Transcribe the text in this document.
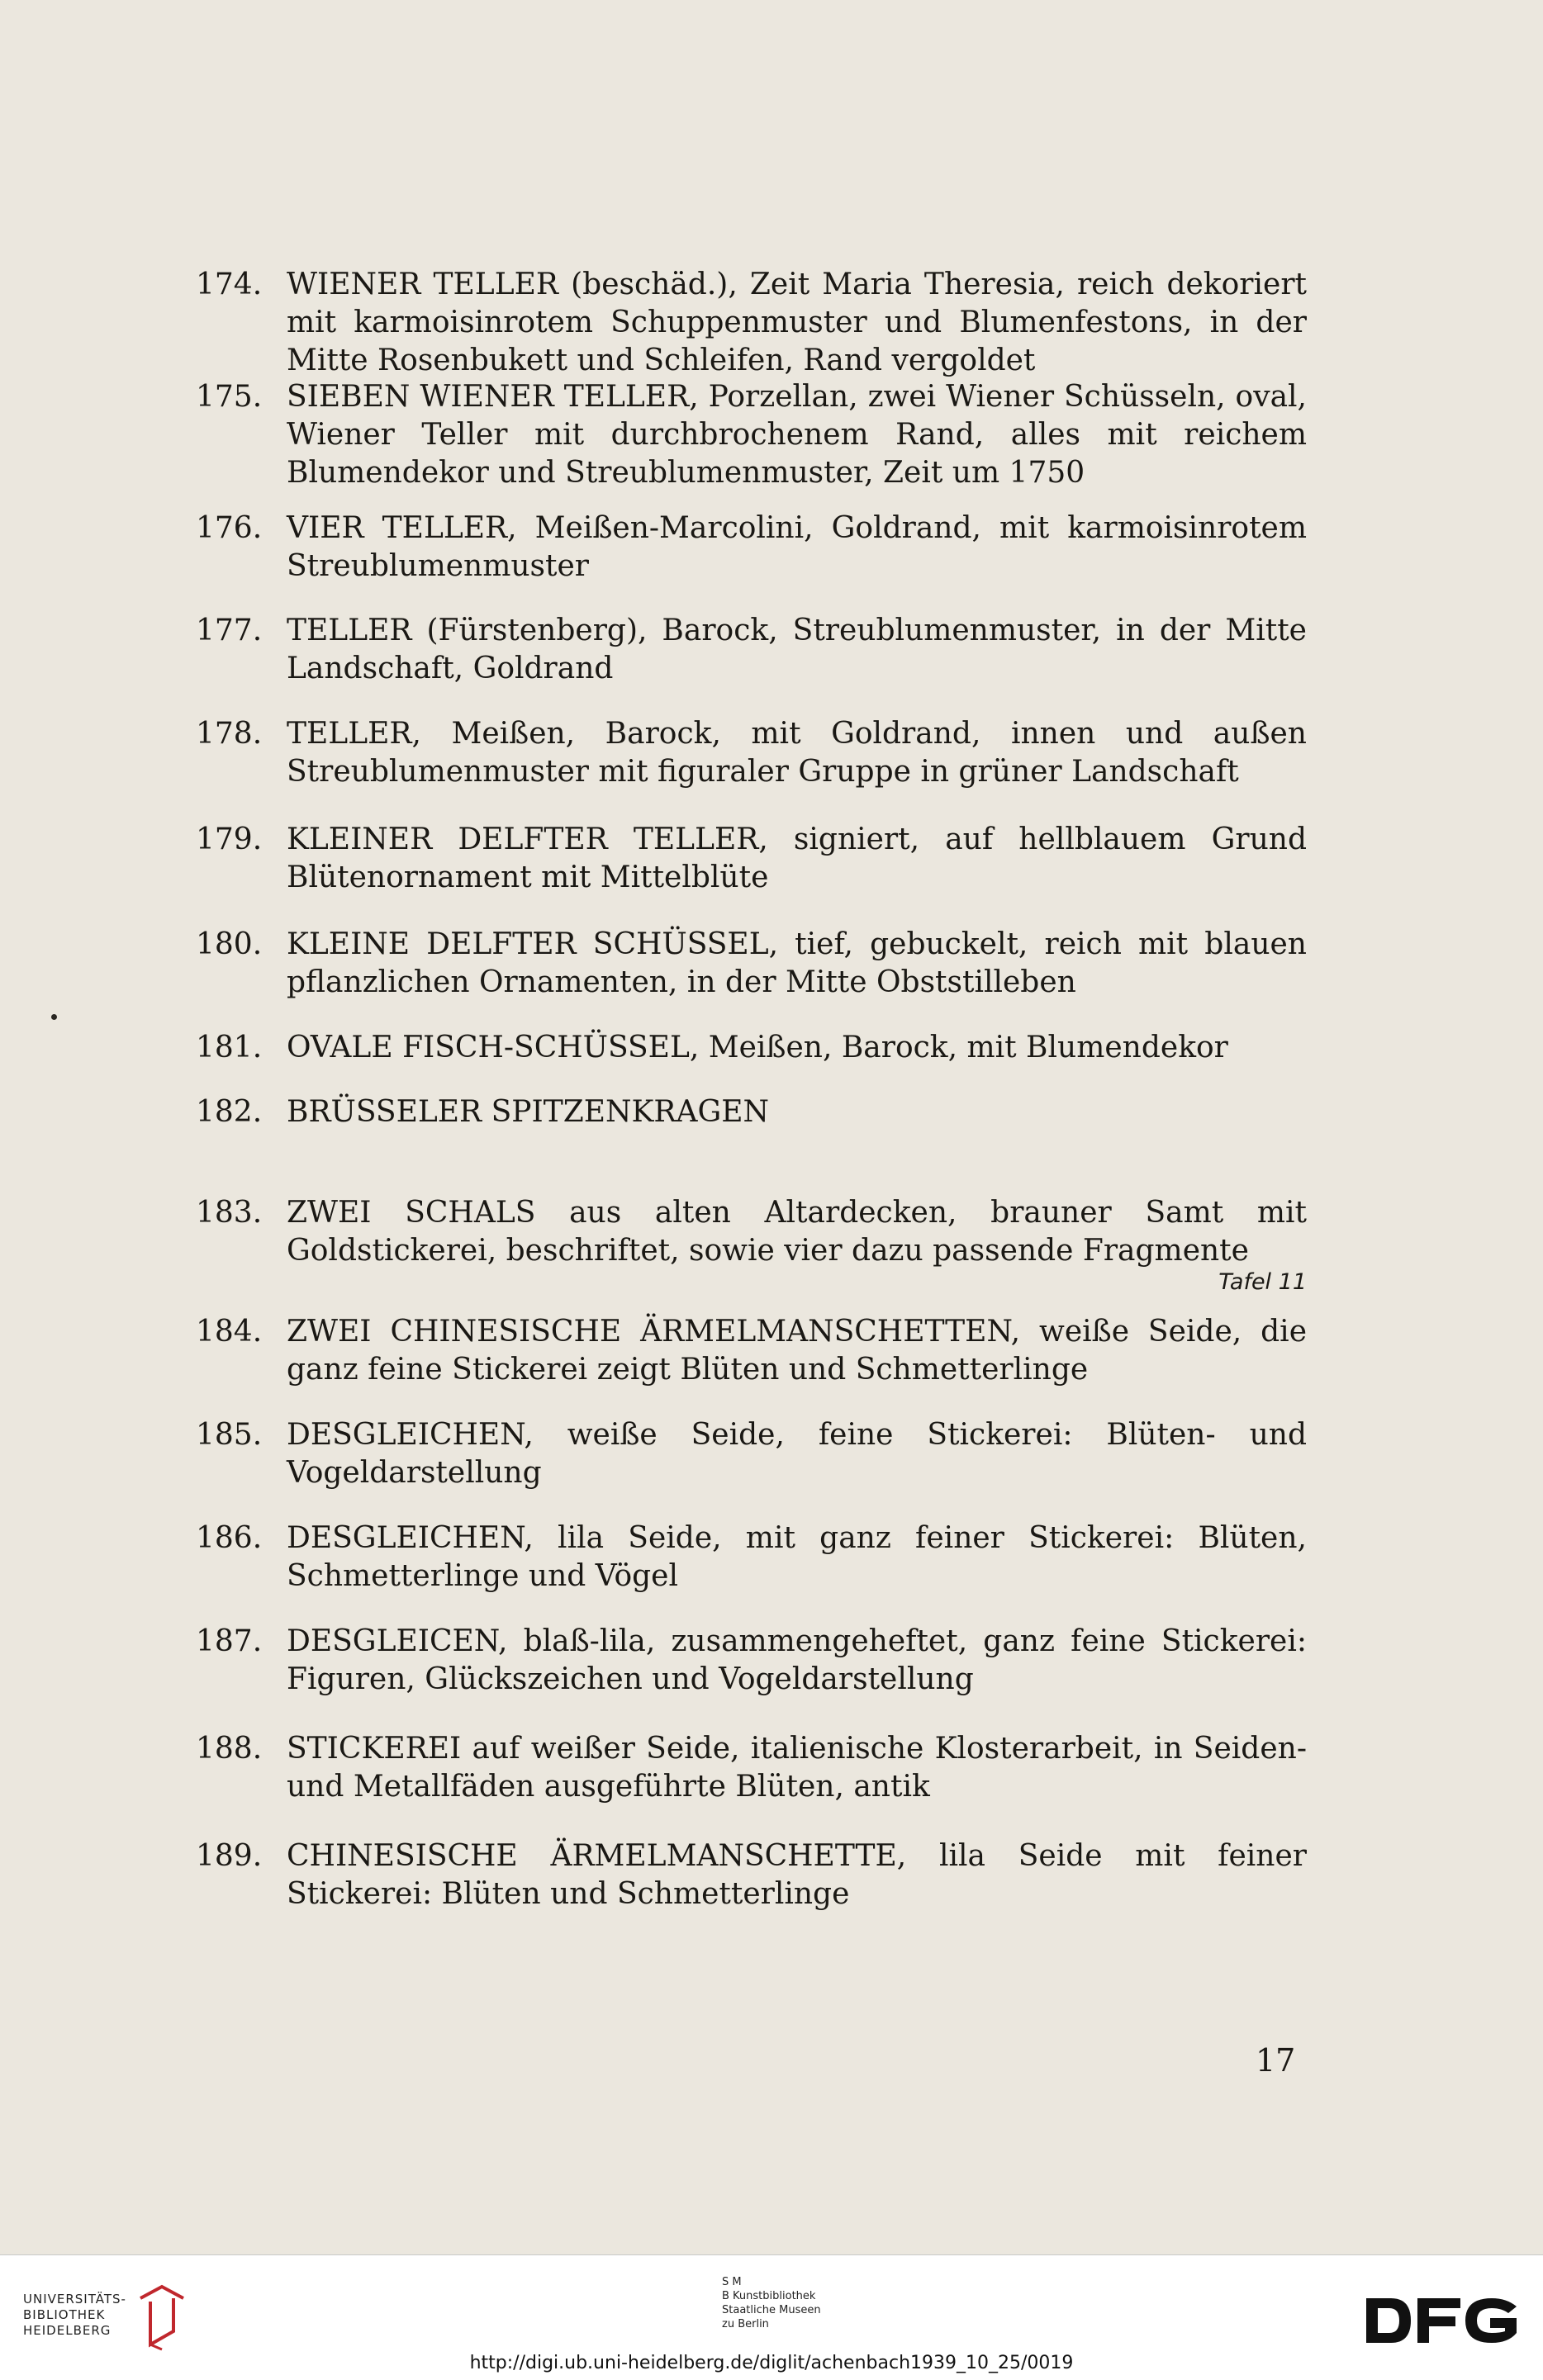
174. WIENER TELLER (beschäd.), Zeit Maria Theresia, reich dekoriert mit karmoisinrotem Schuppenmuster und Blumenfestons, in der Mitte Rosenbukett und Schleifen, Rand vergoldet
175. SIEBEN WIENER TELLER, Porzellan, zwei Wiener Schüsseln, oval, Wiener Teller mit durchbrochenem Rand, alles mit reichem Blumendekor und Streublumenmuster, Zeit um 1750
176. VIER TELLER, Meißen-Marcolini, Goldrand, mit karmoisinrotem Streublumenmuster
177. TELLER (Fürstenberg), Barock, Streublumenmuster, in der Mitte Landschaft, Goldrand
178. TELLER, Meißen, Barock, mit Goldrand, innen und außen Streublumenmuster mit figuraler Gruppe in grüner Landschaft
179. KLEINER DELFTER TELLER, signiert, auf hellblauem Grund Blütenornament mit Mittelblüte
180. KLEINE DELFTER SCHÜSSEL, tief, gebuckelt, reich mit blauen pflanzlichen Ornamenten, in der Mitte Obststilleben
181. OVALE FISCH-SCHÜSSEL, Meißen, Barock, mit Blumendekor
182. BRÜSSELER SPITZENKRAGEN
183. ZWEI SCHALS aus alten Altardecken, brauner Samt mit Goldstickerei, beschriftet, sowie vier dazu passende Fragmente
Tafel 11
184. ZWEI CHINESISCHE ÄRMELMANSCHETTEN, weiße Seide, die ganz feine Stickerei zeigt Blüten und Schmetterlinge
185. DESGLEICHEN, weiße Seide, feine Stickerei: Blüten- und Vogeldarstellung
186. DESGLEICHEN, lila Seide, mit ganz feiner Stickerei: Blüten, Schmetterlinge und Vögel
187. DESGLEICEN, blaß-lila, zusammengeheftet, ganz feine Stickerei: Figuren, Glückszeichen und Vogeldarstellung
188. STICKEREI auf weißer Seide, italienische Klosterarbeit, in Seiden- und Metallfäden ausgeführte Blüten, antik
189. CHINESISCHE ÄRMELMANSCHETTE, lila Seide mit feiner Stickerei: Blüten und Schmetterlinge
17
UNIVERSITÄTS-
BIBLIOTHEK
HEIDELBERG
S M
B Kunstbibliothek
Staatliche Museen
zu Berlin
http://digi.ub.uni-heidelberg.de/diglit/achenbach1939_10_25/0019
